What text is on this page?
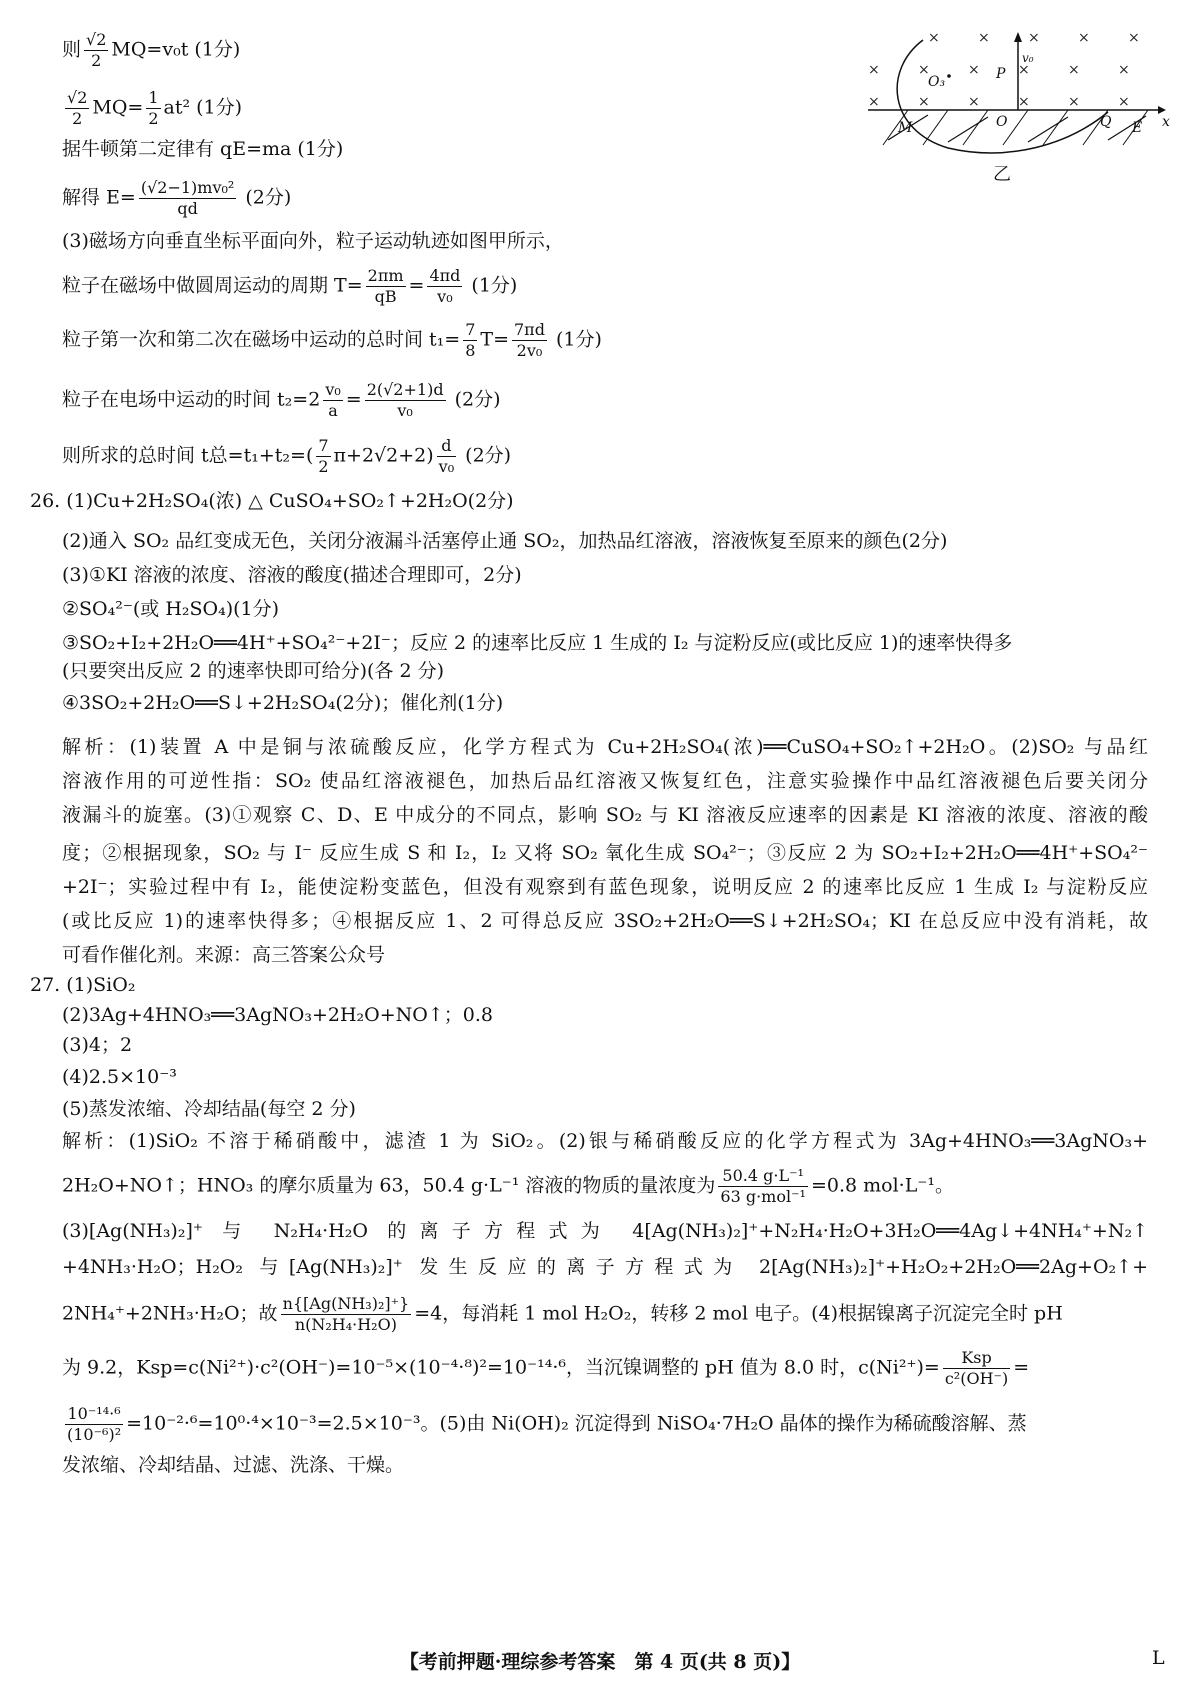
则 $\frac{√2}{2} MQ=v_0t$ (1分)
$\frac{√2}{2} MQ= \frac{1}{2} at^2$ (1分)
据牛顿第二定律有 qE=ma (1分)
解得 $E= \frac{\text{(√2−1)mv₀²}}{qd} (2$分)
(3)磁场方向垂直坐标平面向外，粒子运动轨迹如图甲所示，
粒子在磁场中做圆周运动的周期 $T= \frac{2\pi m}{qB} = \frac{4\pi d}{\text{v₀}} (1$分)
粒子第一次和第二次在磁场中运动的总时间 $t_1= \frac{7}{8} T= \frac{7\pi d}{\text{2v₀}} (1$分)
粒子在电场中运动的时间 $t_2=2 \frac{\text{v₀}}{a} = \frac{2(√2+1)d}{\text{v₀}} (2$分)
则所求的总时间 t总$=t_1+t_2=( \frac{7}{2} \pi+2√2+2) \frac{d}{\text{v₀}} (2$分)
×	×	×	×	×
×	×	×	×	×	×
×	×	×	×	×	×
O₃	P
v₀
M	O	Q E x
乙
26. (1)Cu+2H₂SO₄(浓) △ CuSO₄+SO₂↑+2H₂O(2分)
(2)通入 SO₂ 品红变成无色，关闭分液漏斗活塞停止通 SO₂，加热品红溶液，溶液恢复至原来的颜色(2分)
(3)①KI 溶液的浓度、溶液的酸度(描述合理即可，2分)
②SO₄²⁻(或 H₂SO₄)(1分)
③SO₂+I₂+2H₂O══4H⁺+SO₄²⁻+2I⁻；反应 2 的速率比反应 1 生成的 I₂ 与淀粉反应(或比反应 1)的速率快得多
(只要突出反应 2 的速率快即可给分)(各 2 分)
④3SO₂+2H₂O══S↓+2H₂SO₄(2分)；催化剂(1分)
解析：(1)装置 A 中是铜与浓硫酸反应，化学方程式为 Cu+2H₂SO₄(浓)══CuSO₄+SO₂↑+2H₂O。(2)SO₂ 与品红
溶液作用的可逆性指：SO₂ 使品红溶液褪色，加热后品红溶液又恢复红色，注意实验操作中品红溶液褪色后要关闭分
液漏斗的旋塞。(3)①观察 C、D、E 中成分的不同点，影响 SO₂ 与 KI 溶液反应速率的因素是 KI 溶液的浓度、溶液的酸
度；②根据现象，SO₂ 与 I⁻ 反应生成 S 和 I₂，I₂ 又将 SO₂ 氧化生成 SO₄²⁻；③反应 2 为 SO₂+I₂+2H₂O══4H⁺+SO₄²⁻
+2I⁻；实验过程中有 I₂，能使淀粉变蓝色，但没有观察到有蓝色现象，说明反应 2 的速率比反应 1 生成 I₂ 与淀粉反应
(或比反应 1)的速率快得多；④根据反应 1、2 可得总反应 3SO₂+2H₂O══S↓+2H₂SO₄；KI 在总反应中没有消耗，故
可看作催化剂。来源：高三答案公众号
27. (1)SiO₂
(2)3Ag+4HNO₃══3AgNO₃+2H₂O+NO↑；0.8
(3)4；2
(4)2.5×10⁻³
(5)蒸发浓缩、冷却结晶(每空 2 分)
解析：(1)SiO₂ 不溶于稀硝酸中，滤渣 1 为 SiO₂。(2)银与稀硝酸反应的化学方程式为 3Ag+4HNO₃══3AgNO₃+
2H₂O+NO↑；HNO₃ 的摩尔质量为 63，50.4 g·L⁻¹ 溶液的物质的量浓度为 $\frac{\text{50.4 g·L⁻¹}}{\text{63 g·mol⁻¹}} =0.8$ mol·L⁻¹。
(3)[Ag(NH₃)₂]⁺ 与 N₂H₄·H₂O 的离子方程式为 4[Ag(NH₃)₂]⁺+N₂H₄·H₂O+3H₂O══4Ag↓+4NH₄⁺+N₂↑
+4NH₃·H₂O；H₂O₂ 与[Ag(NH₃)₂]⁺ 发生反应的离子方程式为 2[Ag(NH₃)₂]⁺+H₂O₂+2H₂O══2Ag+O₂↑+
2NH₄⁺+2NH₃·H₂O；故 $\frac{\text{n\{[Ag(NH₃)₂]⁺\}}}{\text{n(N₂H₄·H₂O)}} =4$，每消耗 1 mol H₂O₂，转移 2 mol 电子。(4)根据镍离子沉淀完全时 pH
为 9.2，Ksp=c(Ni²⁺)·c²(OH⁻)=10⁻⁵×(10⁻⁴·⁸)²=10⁻¹⁴·⁶，当沉镍调整的 pH 值为 8.0 时，$c(Ni^{2+})= \frac{\text{Ksp}}{\text{c²(OH⁻)}}$ =
$\frac{\text{10⁻¹⁴·⁶}}{\text{(10⁻⁶)²}} =10^{-2}\cdot^6=10^0\cdot^4\times 10^{-3}=2.5\times 10^{-3}$。(5)由 Ni(OH)₂ 沉淀得到 NiSO₄·7H₂O 晶体的操作为稀硫酸溶解、蒸
发浓缩、冷却结晶、过滤、洗涤、干燥。
【考前押题·理综参考答案　第 4 页(共 8 页)】	L
